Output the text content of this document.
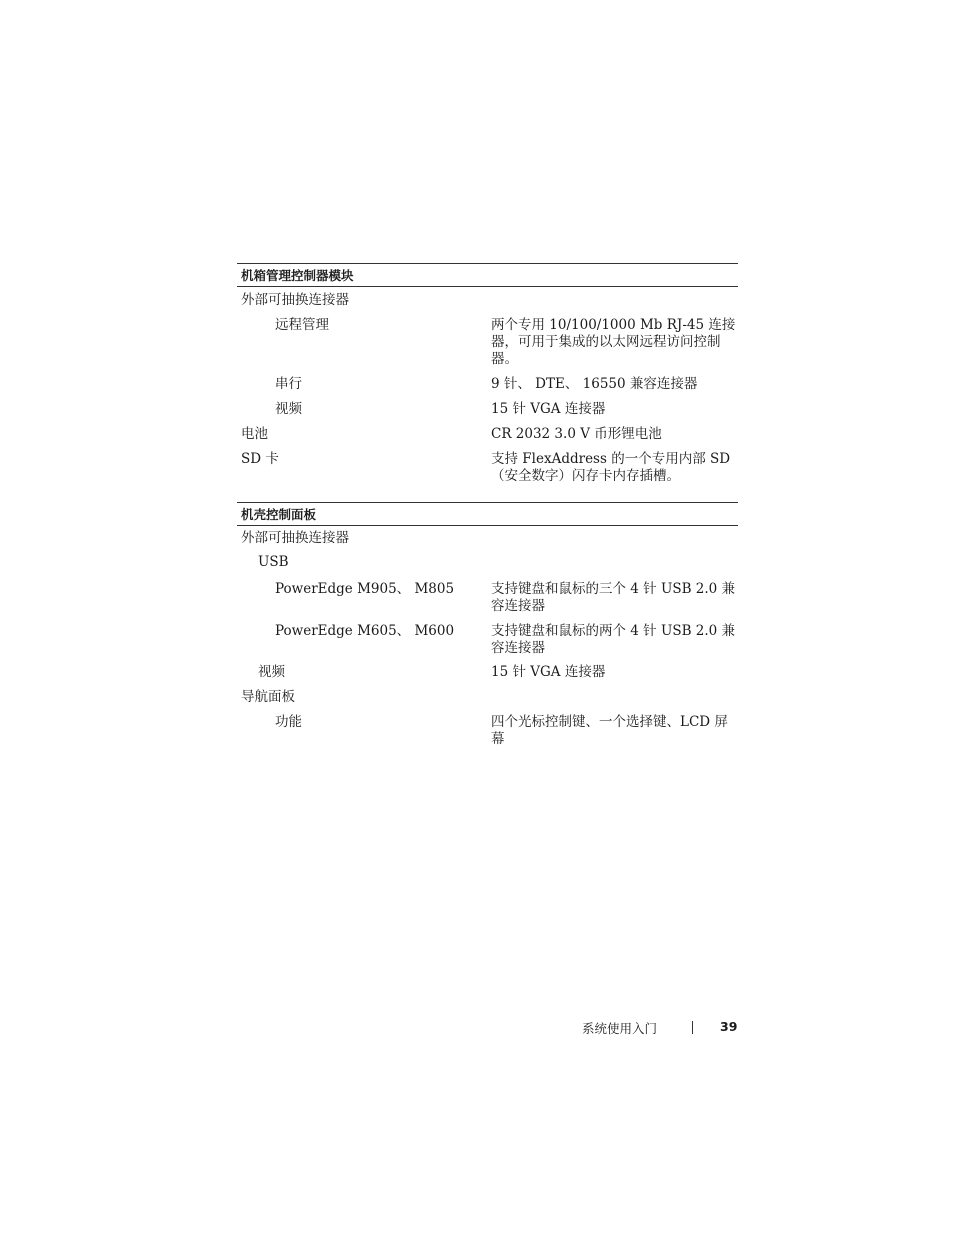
机箱管理控制器模块
外部可抽换连接器
远程管理	两个专用 10/100/1000 Mb RJ-45 连接器，可用于集成的以太网远程访问控制器。
串行	9 针、 DTE、 16550 兼容连接器
视频	15 针 VGA 连接器
电池	CR 2032 3.0 V 币形锂电池
SD 卡	支持 FlexAddress 的一个专用内部 SD（安全数字）闪存卡内存插槽。
机壳控制面板
外部可抽换连接器
USB
PowerEdge M905、 M805	支持键盘和鼠标的三个 4 针 USB 2.0 兼容连接器
PowerEdge M605、 M600	支持键盘和鼠标的两个 4 针 USB 2.0 兼容连接器
视频	15 针 VGA 连接器
导航面板
功能	四个光标控制键、一个选择键、LCD 屏幕
系统使用入门	39
